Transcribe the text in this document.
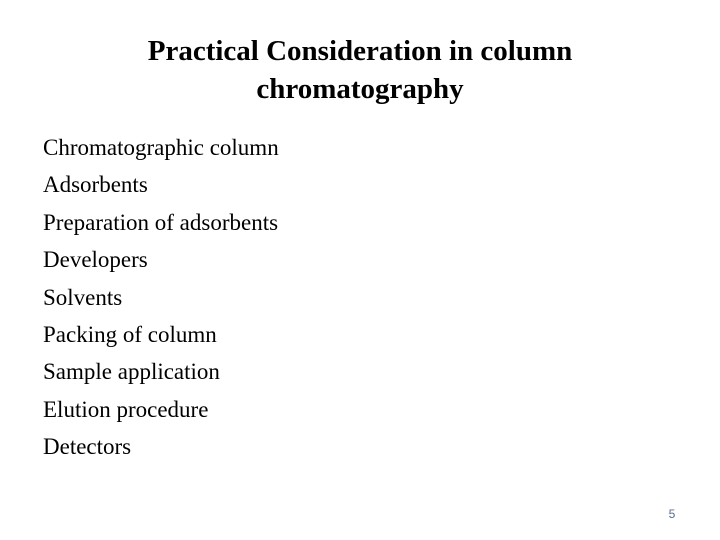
Practical Consideration in column
chromatography
Chromatographic column
Adsorbents
Preparation of adsorbents
Developers
Solvents
Packing of column
Sample application
Elution procedure
Detectors
5
